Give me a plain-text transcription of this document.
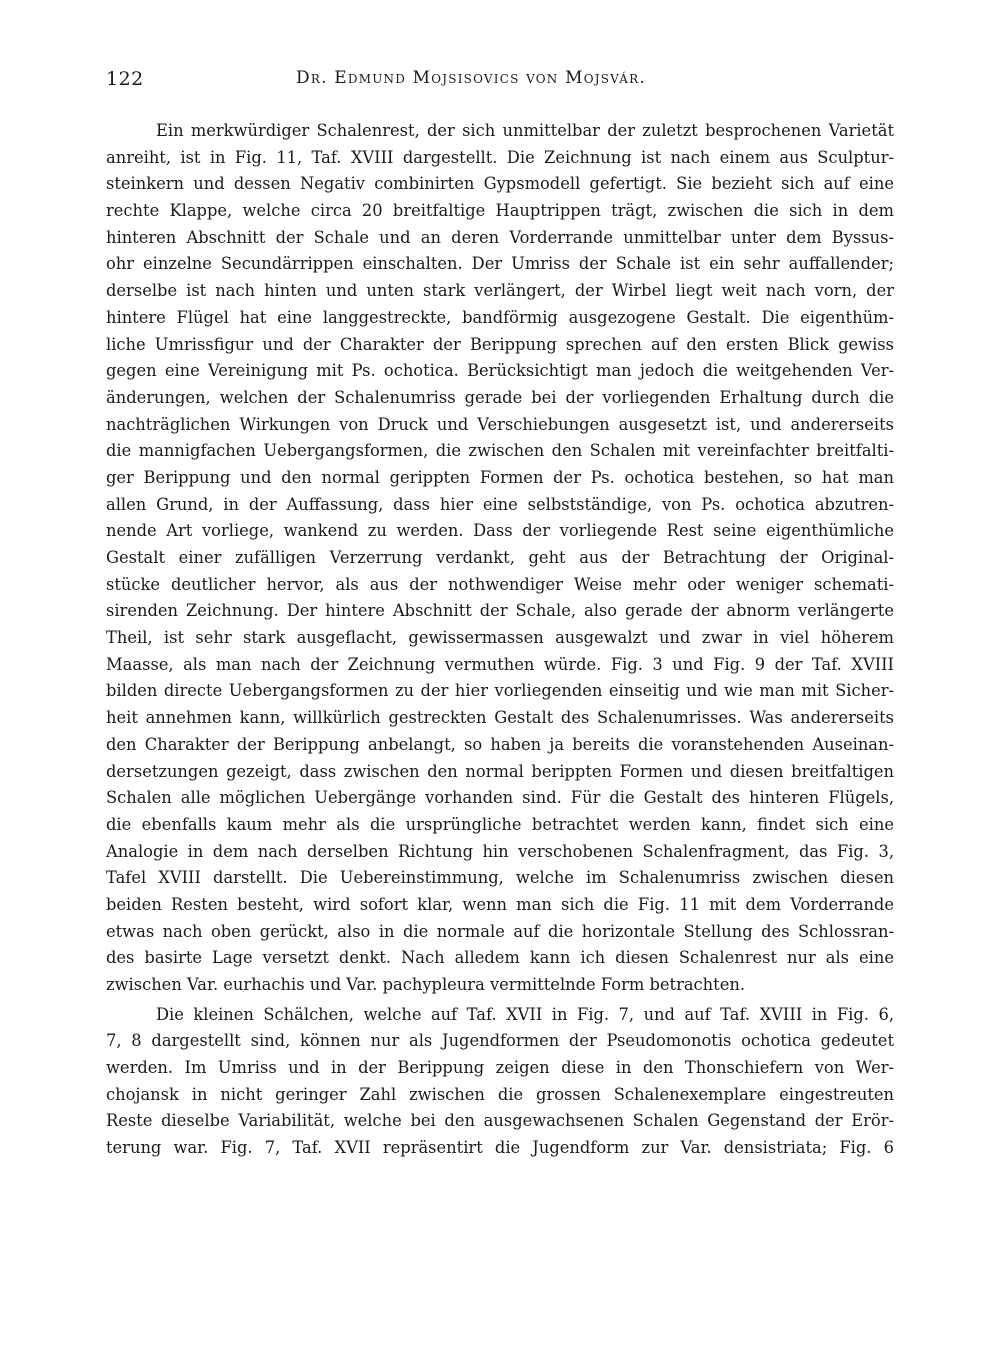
122	Dr. Edmund Mojsisovics von Mojsvár.
Ein merkwürdiger Schalenrest, der sich unmittelbar der zuletzt besprochenen Varietät
anreiht, ist in Fig. 11, Taf. XVIII dargestellt. Die Zeichnung ist nach einem aus Sculptur-
steinkern und dessen Negativ combinirten Gypsmodell gefertigt. Sie bezieht sich auf eine
rechte Klappe, welche circa 20 breitfaltige Hauptrippen trägt, zwischen die sich in dem
hinteren Abschnitt der Schale und an deren Vorderrande unmittelbar unter dem Byssus-
ohr einzelne Secundärrippen einschalten. Der Umriss der Schale ist ein sehr auffallender;
derselbe ist nach hinten und unten stark verlängert, der Wirbel liegt weit nach vorn, der
hintere Flügel hat eine langgestreckte, bandförmig ausgezogene Gestalt. Die eigenthüm-
liche Umrissfigur und der Charakter der Berippung sprechen auf den ersten Blick gewiss
gegen eine Vereinigung mit Ps. ochotica. Berücksichtigt man jedoch die weitgehenden Ver-
änderungen, welchen der Schalenumriss gerade bei der vorliegenden Erhaltung durch die
nachträglichen Wirkungen von Druck und Verschiebungen ausgesetzt ist, und andererseits
die mannigfachen Uebergangsformen, die zwischen den Schalen mit vereinfachter breitfalti-
ger Berippung und den normal gerippten Formen der Ps. ochotica bestehen, so hat man
allen Grund, in der Auffassung, dass hier eine selbstständige, von Ps. ochotica abzutren-
nende Art vorliege, wankend zu werden. Dass der vorliegende Rest seine eigenthümliche
Gestalt einer zufälligen Verzerrung verdankt, geht aus der Betrachtung der Original-
stücke deutlicher hervor, als aus der nothwendiger Weise mehr oder weniger schemati-
sirenden Zeichnung. Der hintere Abschnitt der Schale, also gerade der abnorm verlängerte
Theil, ist sehr stark ausgeflacht, gewissermassen ausgewalzt und zwar in viel höherem
Maasse, als man nach der Zeichnung vermuthen würde. Fig. 3 und Fig. 9 der Taf. XVIII
bilden directe Uebergangsformen zu der hier vorliegenden einseitig und wie man mit Sicher-
heit annehmen kann, willkürlich gestreckten Gestalt des Schalenumrisses. Was andererseits
den Charakter der Berippung anbelangt, so haben ja bereits die voranstehenden Auseinan-
dersetzungen gezeigt, dass zwischen den normal berippten Formen und diesen breitfaltigen
Schalen alle möglichen Uebergänge vorhanden sind. Für die Gestalt des hinteren Flügels,
die ebenfalls kaum mehr als die ursprüngliche betrachtet werden kann, findet sich eine
Analogie in dem nach derselben Richtung hin verschobenen Schalenfragment, das Fig. 3,
Tafel XVIII darstellt. Die Uebereinstimmung, welche im Schalenumriss zwischen diesen
beiden Resten besteht, wird sofort klar, wenn man sich die Fig. 11 mit dem Vorderrande
etwas nach oben gerückt, also in die normale auf die horizontale Stellung des Schlossran-
des basirte Lage versetzt denkt. Nach alledem kann ich diesen Schalenrest nur als eine
zwischen Var. eurhachis und Var. pachypleura vermittelnde Form betrachten.
Die kleinen Schälchen, welche auf Taf. XVII in Fig. 7, und auf Taf. XVIII in Fig. 6,
7, 8 dargestellt sind, können nur als Jugendformen der Pseudomonotis ochotica gedeutet
werden. Im Umriss und in der Berippung zeigen diese in den Thonschiefern von Wer-
chojansk in nicht geringer Zahl zwischen die grossen Schalenexemplare eingestreuten
Reste dieselbe Variabilität, welche bei den ausgewachsenen Schalen Gegenstand der Erör-
terung war. Fig. 7, Taf. XVII repräsentirt die Jugendform zur Var. densistriata; Fig. 6
